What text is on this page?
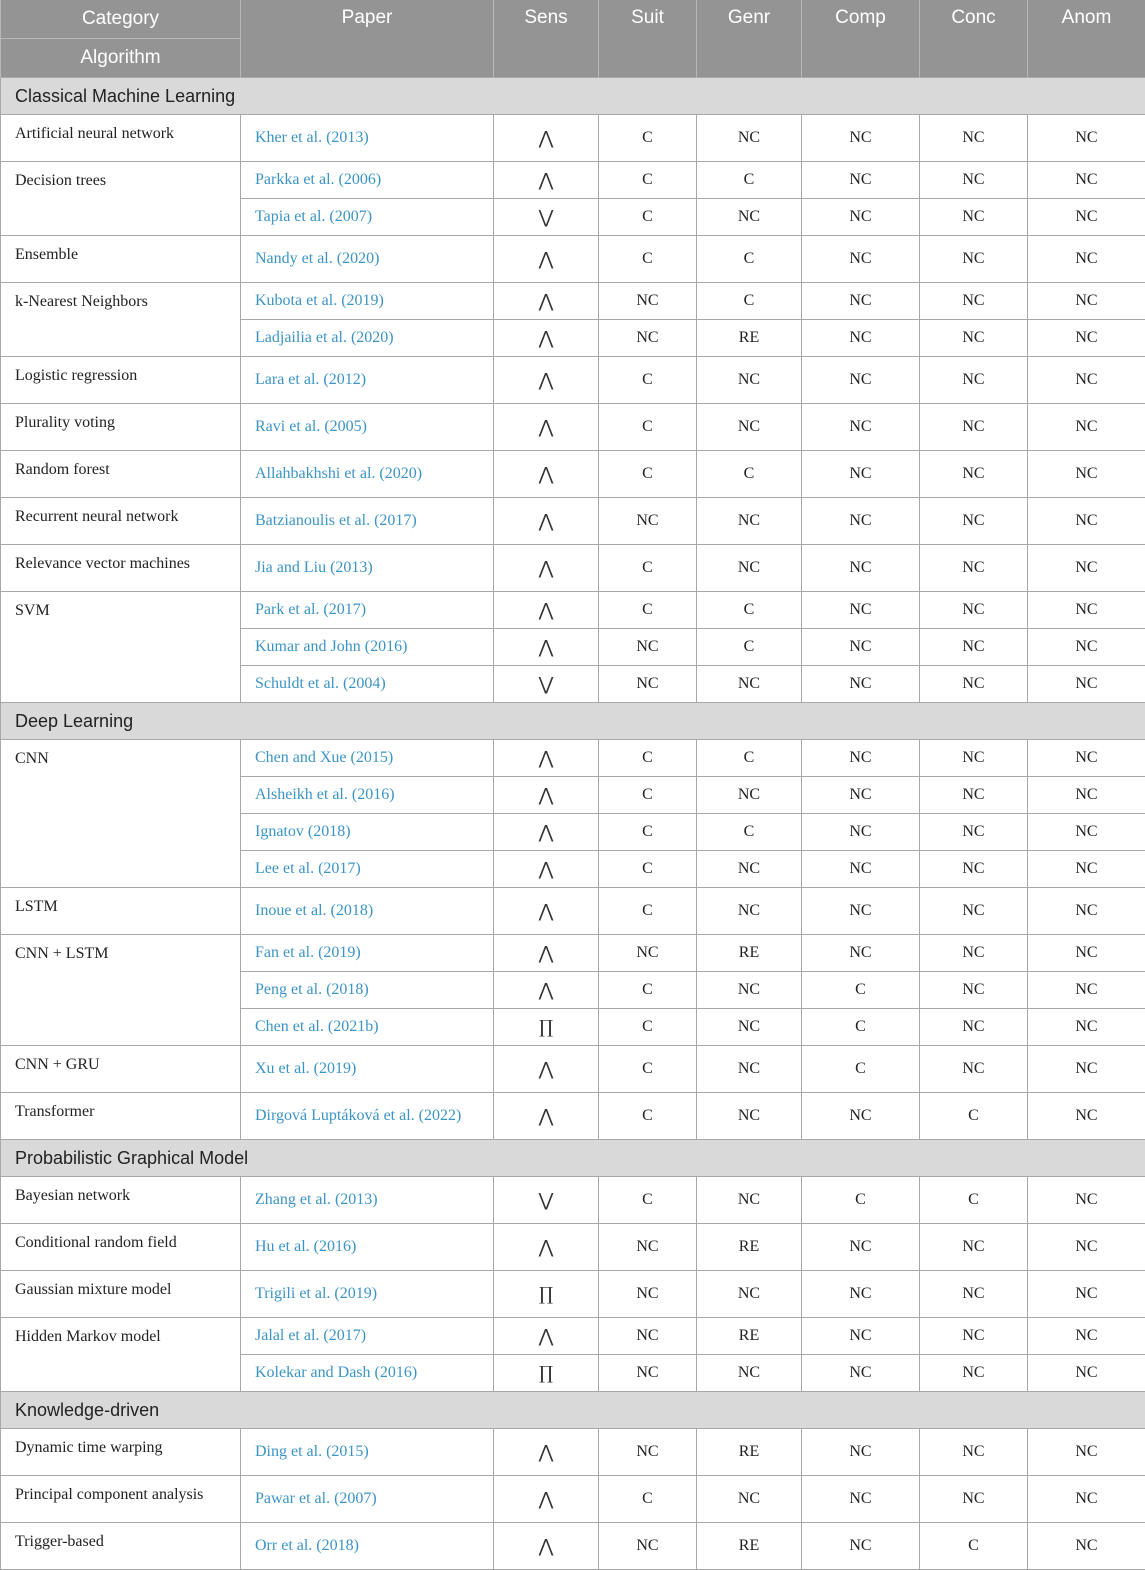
Category	Paper	Sens	Suit	Genr	Comp	Conc	Anom
Algorithm							
Classical Machine Learning							
Artificial neural network	Kher et al. (2013)	⋀	C	NC	NC	NC	NC
Decision trees	Parkka et al. (2006)	⋀	C	C	NC	NC	NC
	Tapia et al. (2007)	⋁	C	NC	NC	NC	NC
Ensemble	Nandy et al. (2020)	⋀	C	C	NC	NC	NC
k-Nearest Neighbors	Kubota et al. (2019)	⋀	NC	C	NC	NC	NC
	Ladjailia et al. (2020)	⋀	NC	RE	NC	NC	NC
Logistic regression	Lara et al. (2012)	⋀	C	NC	NC	NC	NC
Plurality voting	Ravi et al. (2005)	⋀	C	NC	NC	NC	NC
Random forest	Allahbakhshi et al. (2020)	⋀	C	C	NC	NC	NC
Recurrent neural network	Batzianoulis et al. (2017)	⋀	NC	NC	NC	NC	NC
Relevance vector machines	Jia and Liu (2013)	⋀	C	NC	NC	NC	NC
SVM	Park et al. (2017)	⋀	C	C	NC	NC	NC
	Kumar and John (2016)	⋀	NC	C	NC	NC	NC
	Schuldt et al. (2004)	⋁	NC	NC	NC	NC	NC
Deep Learning							
CNN	Chen and Xue (2015)	⋀	C	C	NC	NC	NC
	Alsheikh et al. (2016)	⋀	C	NC	NC	NC	NC
	Ignatov (2018)	⋀	C	C	NC	NC	NC
	Lee et al. (2017)	⋀	C	NC	NC	NC	NC
LSTM	Inoue et al. (2018)	⋀	C	NC	NC	NC	NC
CNN + LSTM	Fan et al. (2019)	⋀	NC	RE	NC	NC	NC
	Peng et al. (2018)	⋀	C	NC	C	NC	NC
	Chen et al. (2021b)	∏	C	NC	C	NC	NC
CNN + GRU	Xu et al. (2019)	⋀	C	NC	C	NC	NC
Transformer	Dirgová Luptáková et al. (2022)	⋀	C	NC	NC	C	NC
Probabilistic Graphical Model							
Bayesian network	Zhang et al. (2013)	⋁	C	NC	C	C	NC
Conditional random field	Hu et al. (2016)	⋀	NC	RE	NC	NC	NC
Gaussian mixture model	Trigili et al. (2019)	∏	NC	NC	NC	NC	NC
Hidden Markov model	Jalal et al. (2017)	⋀	NC	RE	NC	NC	NC
	Kolekar and Dash (2016)	∏	NC	NC	NC	NC	NC
Knowledge-driven							
Dynamic time warping	Ding et al. (2015)	⋀	NC	RE	NC	NC	NC
Principal component analysis	Pawar et al. (2007)	⋀	C	NC	NC	NC	NC
Trigger-based	Orr et al. (2018)	⋀	NC	RE	NC	C	NC
